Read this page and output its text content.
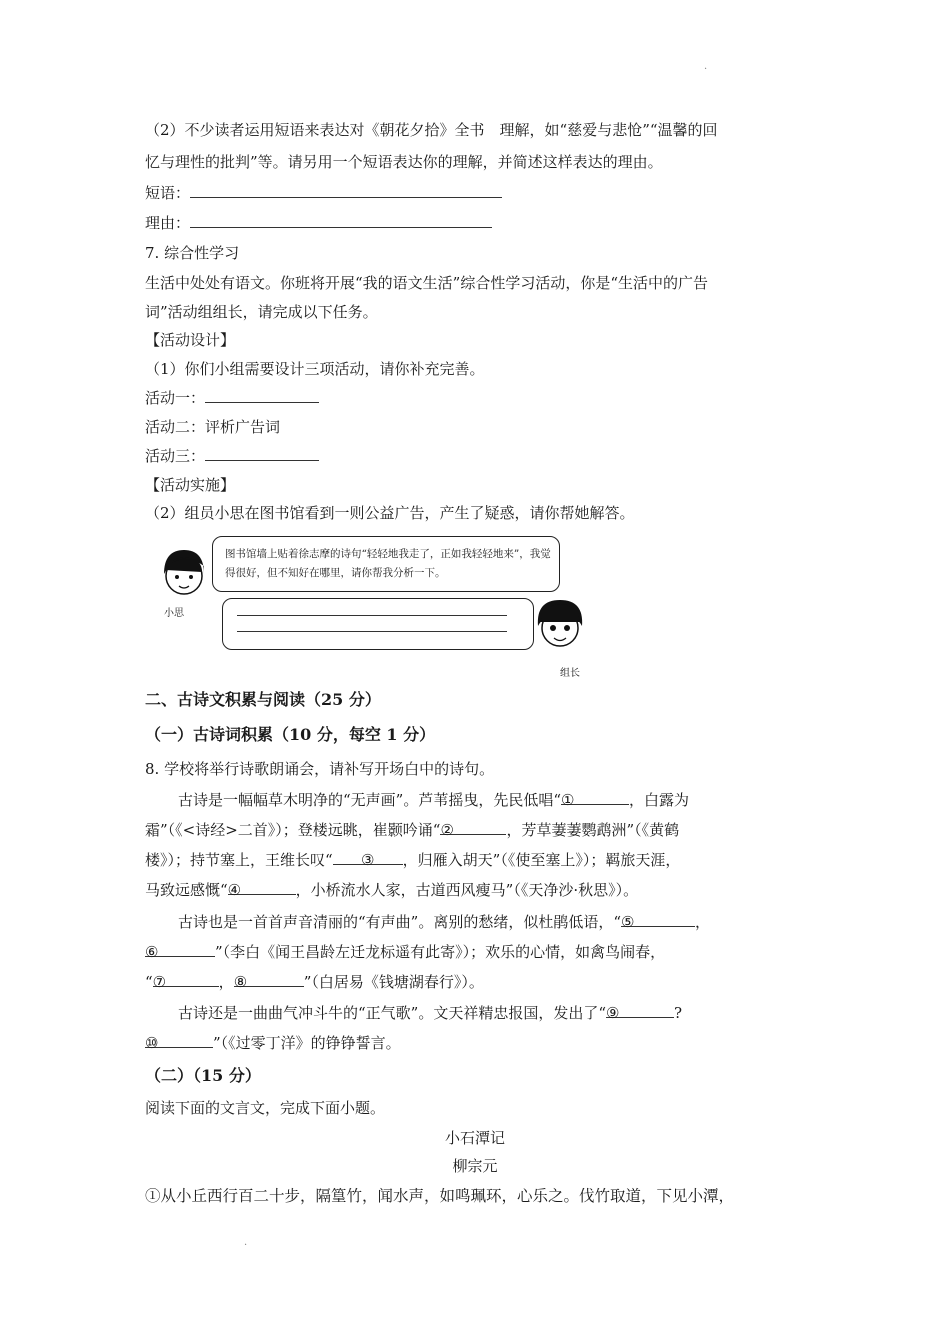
·
（2）不少读者运用短语来表达对《朝花夕拾》全书　理解，如“慈爱与悲怆”“温馨的回
忆与理性的批判”等。请另用一个短语表达你的理解，并简述这样表达的理由。
短语：
理由：
7. 综合性学习
生活中处处有语文。你班将开展“我的语文生活”综合性学习活动，你是“生活中的广告
词”活动组组长，请完成以下任务。
【活动设计】
（1）你们小组需要设计三项活动，请你补充完善。
活动一：
活动二：评析广告词
活动三：
【活动实施】
（2）组员小思在图书馆看到一则公益广告，产生了疑惑，请你帮她解答。
小思
图书馆墙上贴着徐志摩的诗句“轻轻地我走了，正如我轻轻地来”，我觉得很好，但不知好在哪里，请你帮我分析一下。
组长
二、古诗文积累与阅读（25 分）
（一）古诗词积累（10 分，每空 1 分）
8. 学校将举行诗歌朗诵会，请补写开场白中的诗句。
古诗是一幅幅草木明净的“无声画”。芦苇摇曳，先民低唱“①	，白露为
霜”（《<诗经>二首》）；登楼远眺，崔颢吟诵“②	，芳草萋萋鹦鹉洲”（《黄鹤
楼》）；持节塞上，王维长叹“ ③ ，归雁入胡天”（《使至塞上》）；羁旅天涯，
马致远感慨“④	，小桥流水人家，古道西风瘦马”（《天净沙·秋思》）。
古诗也是一首首声音清丽的“有声曲”。离别的愁绪，似杜鹃低语，“⑤	，
⑥	”（李白《闻王昌龄左迁龙标遥有此寄》）；欢乐的心情，如禽鸟闹春，
“⑦	，⑧	”（白居易《钱塘湖春行》）。
古诗还是一曲曲气冲斗牛的“正气歌”。文天祥精忠报国，发出了“⑨	?
⑩	”（《过零丁洋》的铮铮誓言。
（二）（15 分）
阅读下面的文言文，完成下面小题。
小石潭记
柳宗元
①从小丘西行百二十步，隔篁竹，闻水声，如鸣珮环，心乐之。伐竹取道，下见小潭，
·
